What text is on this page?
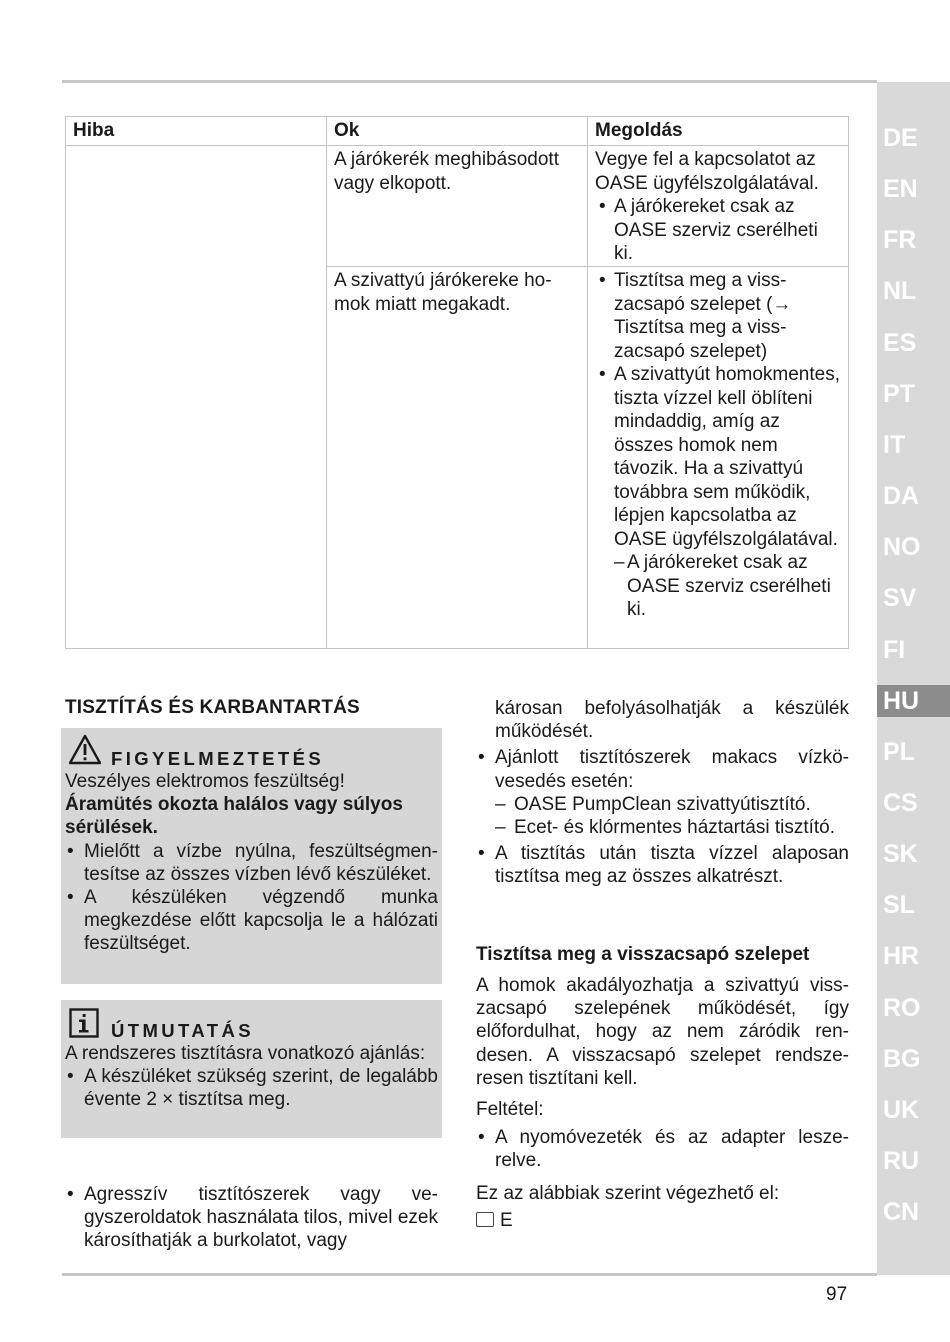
DE
EN
FR
NL
ES
PT
IT
DA
NO
SV
FI
HU
PL
CS
SK
SL
HR
RO
BG
UK
RU
CN
Hiba	Ok	Megoldás
A járókerék meghibásodott vagy elkopott.
Vegye fel a kapcsolatot az OASE ügyfélszolgálatával.
• A járókereket csak az OASE szerviz cserélheti ki.
A szivattyú járókereke homok miatt megakadt.
• Tisztítsa meg a visszacsapó szelepet (→ Tisztítsa meg a visszacsapó szelepet)
• A szivattyút homokmentes, tiszta vízzel kell öblíteni mindaddig, amíg az összes homok nem távozik. Ha a szivattyú továbbra sem működik, lépjen kapcsolatba az OASE ügyfélszolgálatával.
– A járókereket csak az OASE szerviz cserélheti ki.
TISZTÍTÁS ÉS KARBANTARTÁS
FIGYELMEZTETÉS
Veszélyes elektromos feszültség!
Áramütés okozta halálos vagy súlyos sérülések.
• Mielőtt a vízbe nyúlna, feszültségmentesítse az összes vízben lévő készüléket.
• A készüléken végzendő munka megkezdése előtt kapcsolja le a hálózati feszültséget.
ÚTMUTATÁS
A rendszeres tisztításra vonatkozó ajánlás:
• A készüléket szükség szerint, de legalább évente 2 × tisztítsa meg.
• Agresszív tisztítószerek vagy vegyszeroldatok használata tilos, mivel ezek károsíthatják a burkolatot, vagy
károsan befolyásolhatják a készülék működését.
• Ajánlott tisztítószerek makacs vízkövesedés esetén:
– OASE PumpClean szivattyútisztító.
– Ecet- és klórmentes háztartási tisztító.
• A tisztítás után tiszta vízzel alaposan tisztítsa meg az összes alkatrészt.
Tisztítsa meg a visszacsapó szelepet
A homok akadályozhatja a szivattyú visszacsapó szelepének működését, így előfordulhat, hogy az nem záródik rendesen. A visszacsapó szelepet rendszeresen tisztítani kell.
Feltétel:
• A nyomóvezeték és az adapter leszerelve.
Ez az alábbiak szerint végezhető el:
E
97
